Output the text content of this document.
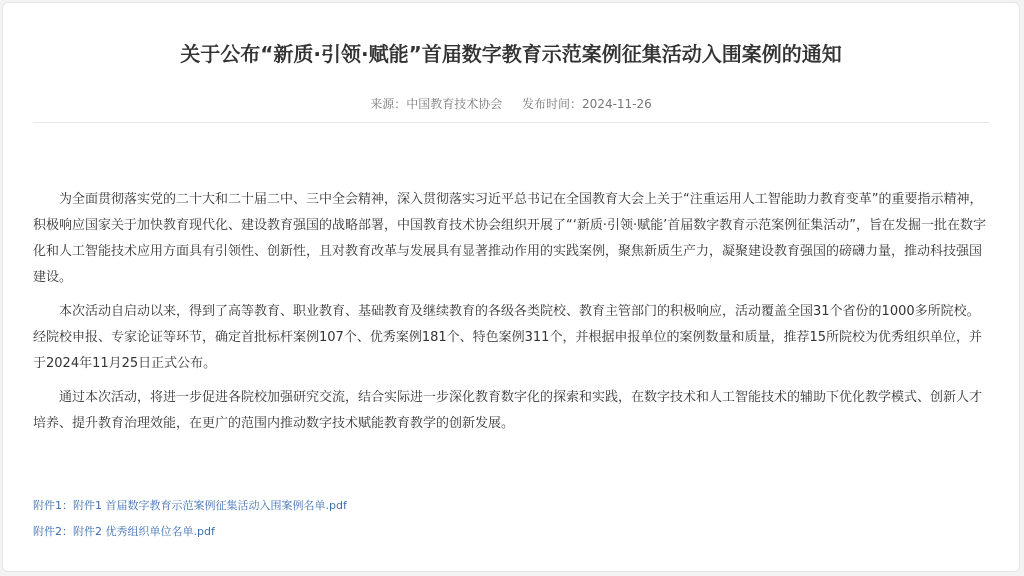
关于公布“新质·引领·赋能”首届数字教育示范案例征集活动入围案例的通知
来源：中国教育技术协会 发布时间：2024-11-26

为全面贯彻落实党的二十大和二十届二中、三中全会精神，深入贯彻落实习近平总书记在全国教育大会上关于“注重运用人工智能助力教育变革”的重要指示精神，积极响应国家关于加快教育现代化、建设教育强国的战略部署，中国教育技术协会组织开展了“‘新质·引领·赋能’首届数字教育示范案例征集活动”，旨在发掘一批在数字化和人工智能技术应用方面具有引领性、创新性，且对教育改革与发展具有显著推动作用的实践案例，聚焦新质生产力，凝聚建设教育强国的磅礴力量，推动科技强国建设。

本次活动自启动以来，得到了高等教育、职业教育、基础教育及继续教育的各级各类院校、教育主管部门的积极响应，活动覆盖全国31个省份的1000多所院校。经院校申报、专家论证等环节，确定首批标杆案例107个、优秀案例181个、特色案例311个，并根据申报单位的案例数量和质量，推荐15所院校为优秀组织单位，并于2024年11月25日正式公布。

通过本次活动，将进一步促进各院校加强研究交流，结合实际进一步深化教育数字化的探索和实践，在数字技术和人工智能技术的辅助下优化教学模式、创新人才培养、提升教育治理效能，在更广的范围内推动数字技术赋能教育教学的创新发展。

附件1：附件1 首届数字教育示范案例征集活动入围案例名单.pdf
附件2：附件2 优秀组织单位名单.pdf
